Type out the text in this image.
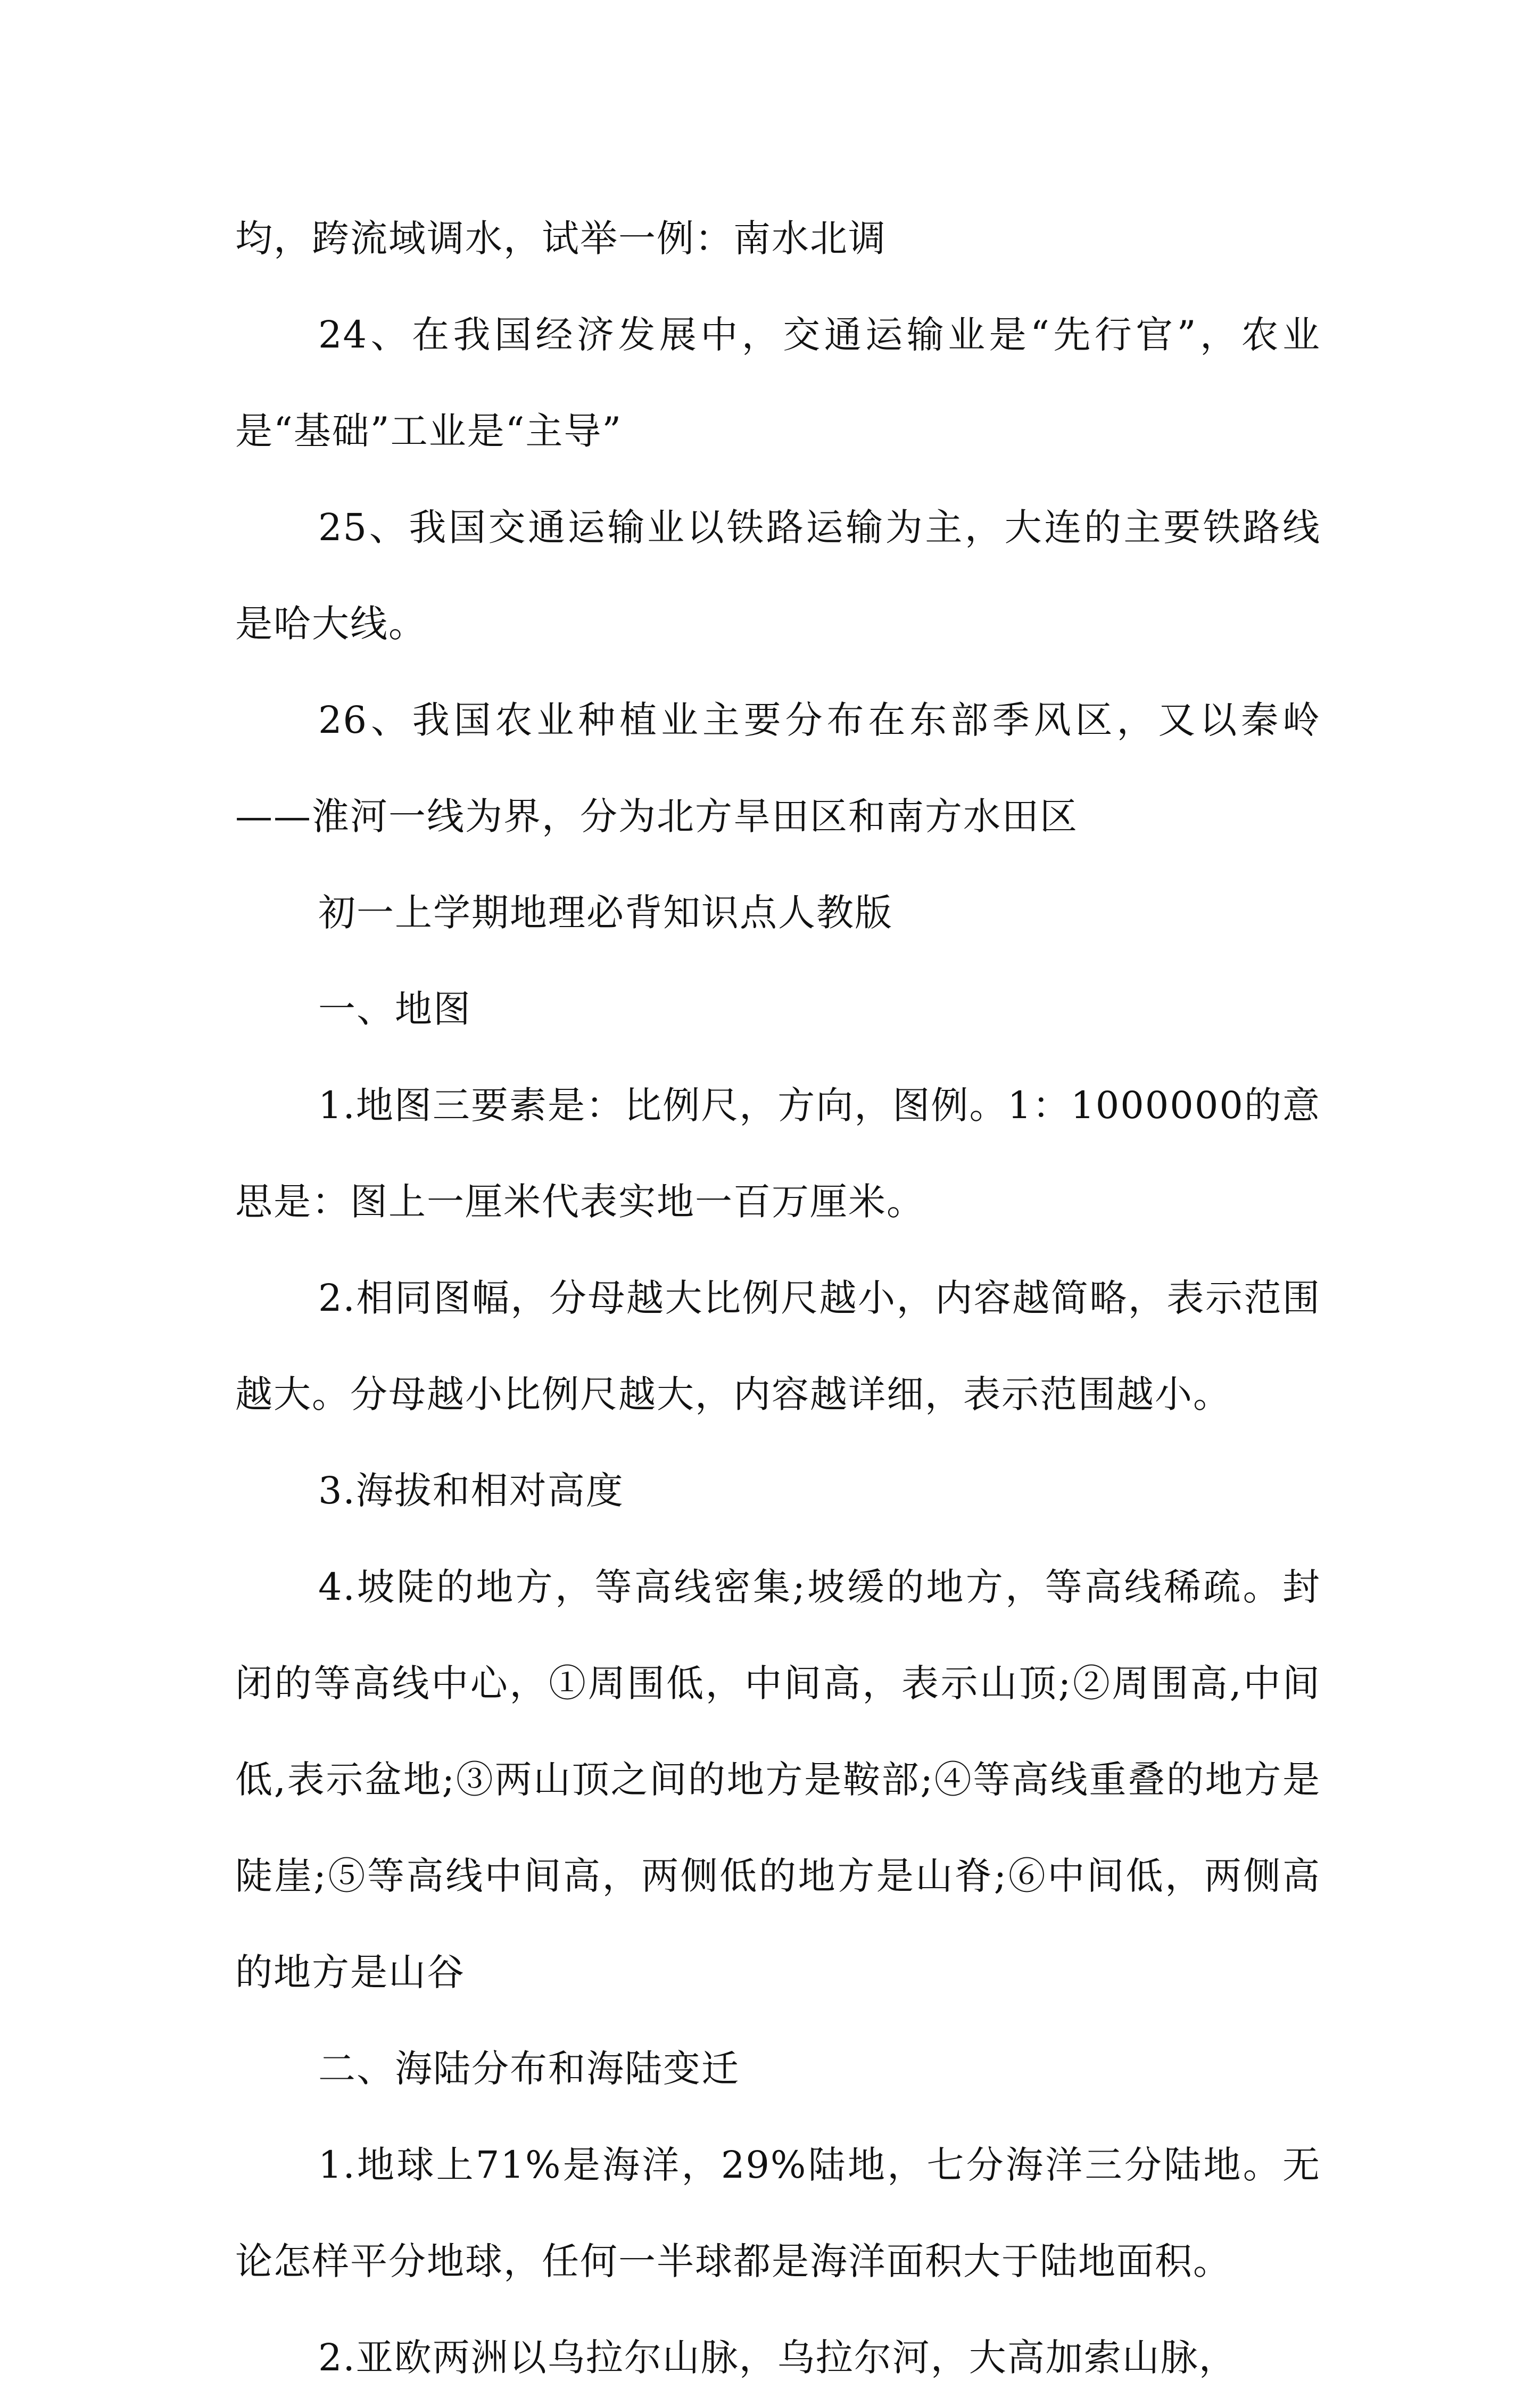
均，跨流域调水，试举一例：南水北调

24、在我国经济发展中，交通运输业是“先行官”，农业是“基础”工业是“主导”

25、我国交通运输业以铁路运输为主，大连的主要铁路线是哈大线。

26、我国农业种植业主要分布在东部季风区，又以秦岭——淮河一线为界，分为北方旱田区和南方水田区

初一上学期地理必背知识点人教版

一、地图

1.地图三要素是：比例尺，方向，图例。1：1000000的意思是：图上一厘米代表实地一百万厘米。

2.相同图幅，分母越大比例尺越小，内容越简略，表示范围越大。分母越小比例尺越大，内容越详细，表示范围越小。

3.海拔和相对高度

4.坡陡的地方，等高线密集;坡缓的地方，等高线稀疏。封闭的等高线中心，①周围低，中间高，表示山顶;②周围高,中间低,表示盆地;③两山顶之间的地方是鞍部;④等高线重叠的地方是陡崖;⑤等高线中间高，两侧低的地方是山脊;⑥中间低，两侧高的地方是山谷

二、海陆分布和海陆变迁

1.地球上71%是海洋，29%陆地，七分海洋三分陆地。无论怎样平分地球，任何一半球都是海洋面积大于陆地面积。

2.亚欧两洲以乌拉尔山脉，乌拉尔河，大高加索山脉，
